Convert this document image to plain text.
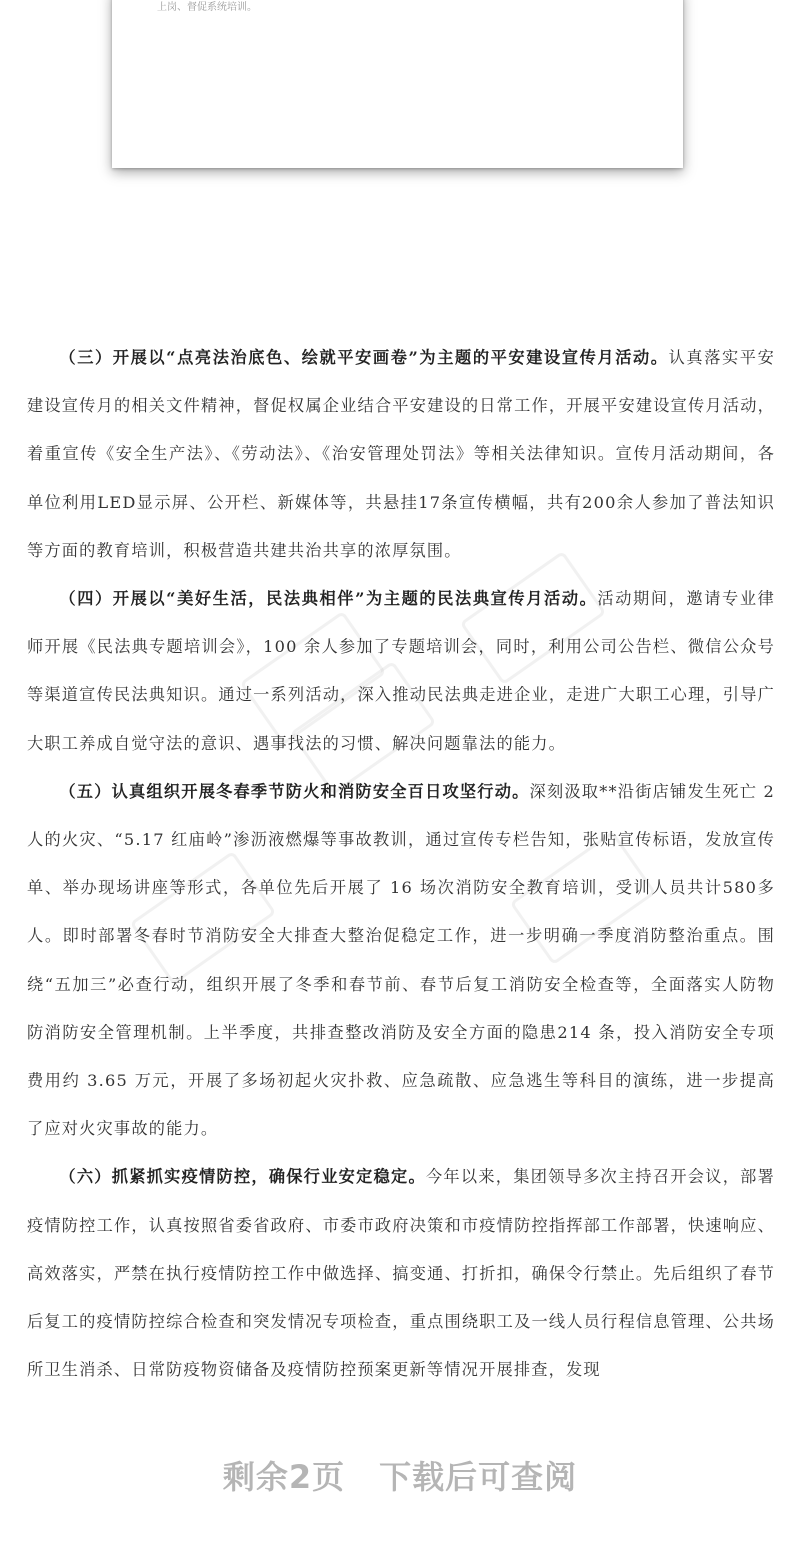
上岗、督促系统培训。

（三）开展以“点亮法治底色、绘就平安画卷”为主题的平安建设宣传月活动。认真落实平安建设宣传月的相关文件精神，督促权属企业结合平安建设的日常工作，开展平安建设宣传月活动，着重宣传《安全生产法》、《劳动法》、《治安管理处罚法》等相关法律知识。宣传月活动期间，各单位利用LED显示屏、公开栏、新媒体等，共悬挂17条宣传横幅，共有200余人参加了普法知识等方面的教育培训，积极营造共建共治共享的浓厚氛围。

（四）开展以“美好生活，民法典相伴”为主题的民法典宣传月活动。活动期间，邀请专业律师开展《民法典专题培训会》，100 余人参加了专题培训会，同时，利用公司公告栏、微信公众号等渠道宣传民法典知识。通过一系列活动，深入推动民法典走进企业，走进广大职工心理，引导广大职工养成自觉守法的意识、遇事找法的习惯、解决问题靠法的能力。

（五）认真组织开展冬春季节防火和消防安全百日攻坚行动。深刻汲取**沿街店铺发生死亡 2 人的火灾、“5.17 红庙岭”渗沥液燃爆等事故教训，通过宣传专栏告知，张贴宣传标语，发放宣传单、举办现场讲座等形式，各单位先后开展了 16 场次消防安全教育培训，受训人员共计580多人。即时部署冬春时节消防安全大排查大整治促稳定工作，进一步明确一季度消防整治重点。围绕“五加三”必查行动，组织开展了冬季和春节前、春节后复工消防安全检查等，全面落实人防物防消防安全管理机制。上半季度，共排查整改消防及安全方面的隐患214 条，投入消防安全专项费用约 3.65 万元，开展了多场初起火灾扑救、应急疏散、应急逃生等科目的演练，进一步提高了应对火灾事故的能力。

（六）抓紧抓实疫情防控，确保行业安定稳定。今年以来，集团领导多次主持召开会议，部署疫情防控工作，认真按照省委省政府、市委市政府决策和市疫情防控指挥部工作部署，快速响应、高效落实，严禁在执行疫情防控工作中做选择、搞变通、打折扣，确保令行禁止。先后组织了春节后复工的疫情防控综合检查和突发情况专项检查，重点围绕职工及一线人员行程信息管理、公共场所卫生消杀、日常防疫物资储备及疫情防控预案更新等情况开展排查，发现

剩余2页 下载后可查阅
